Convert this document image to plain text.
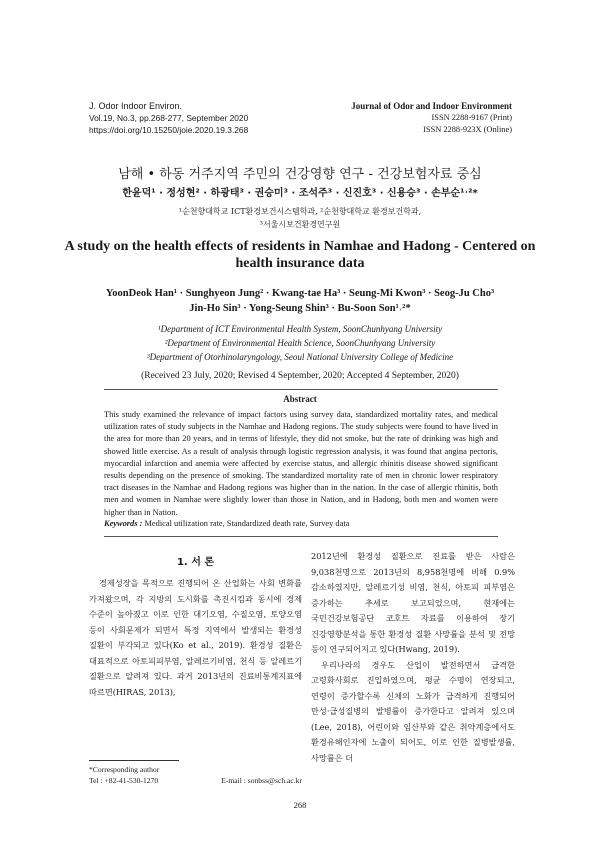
J. Odor Indoor Environ.
Vol.19, No.3, pp.268-277, September 2020
https://doi.org/10.15250/joie.2020.19.3.268
Journal of Odor and Indoor Environment
ISSN 2288-9167 (Print)
ISSN 2288-923X (Online)
남해 • 하동 거주지역 주민의 건강영향 연구 - 건강보험자료 중심
한윤덕¹ · 정성현² · 하광태³ · 권승미³ · 조석주³ · 신진호³ · 신용승³ · 손부순¹˒²*
¹순천향대학교 ICT환경보건시스템학과, ²순천향대학교 환경보건학과,
³서울시보건환경연구원
A study on the health effects of residents in Namhae and Hadong - Centered on health insurance data
YoonDeok Han¹ · Sunghyeon Jung² · Kwang-tae Ha³ · Seung-Mi Kwon³ · Seog-Ju Cho³
Jin-Ho Sin³ · Yong-Seung Shin³ · Bu-Soon Son¹˒²*
¹Department of ICT Environmental Health System, SoonChunhyang University
²Department of Environmental Health Science, SoonChunhyang University
³Department of Otorhinolaryngology, Seoul National University College of Medicine
(Received 23 July, 2020; Revised 4 September, 2020; Accepted 4 September, 2020)
Abstract
This study examined the relevance of impact factors using survey data, standardized mortality rates, and medical utilization rates of study subjects in the Namhae and Hadong regions. The study subjects were found to have lived in the area for more than 20 years, and in terms of lifestyle, they did not smoke, but the rate of drinking was high and showed little exercise. As a result of analysis through logistic regression analysis, it was found that angina pectoris, myocardial infarction and anemia were affected by exercise status, and allergic rhinitis disease showed significant results depending on the presence of smoking. The standardized mortality rate of men in chronic lower respiratory tract diseases in the Namhae and Hadong regions was higher than in the nation. In the case of allergic rhinitis, both men and women in Namhae were slightly lower than those in Nation, and in Hadong, both men and women were higher than in Nation.
Keywords : Medical utilization rate, Standardized death rate, Survey data
1. 서 론

경제성장을 목적으로 진행되어 온 산업화는 사회 변화를 가져왔으며, 각 지방의 도시화를 촉진시킴과 동시에 경제 수준이 높아졌고 이로 인한 대기오염, 수질오염, 토양오염 등이 사회문제가 되면서 특정 지역에서 발생되는 환경성 질환이 부각되고 있다(Ko et al., 2019). 환경성 질환은 대표적으로 아토피피부염, 알레르기비염, 천식 등 알레르기 질환으로 알려져 있다. 과거 2013년의 진료비통계지표에 따르면(HIRAS, 2013),

2012년에 환경성 질환으로 진료를 받은 사람은 9,038천명으로 2013년의 8,958천명에 비해 0.9% 감소하였지만, 알레르기성 비염, 천식, 아토피 피부염은 증가하는 추세로 보고되었으며, 현재에는 국민건강보험공단 코호트 자료를 이용하여 장기 건강영향분석을 통한 환경성 질환 사망률을 분석 및 전망 등이 연구되어지고 있다(Hwang, 2019).

우리나라의 경우도 산업이 발전하면서 급격한 고령화사회로 진입하였으며, 평균 수명이 연장되고, 연령이 증가할수록 신체의 노화가 급격하게 진행되어 만성·급성질병의 발병률이 증가한다고 알려져 있으며(Lee, 2018), 어린이와 임산부와 같은 취약계층에서도 환경유해인자에 노출이 되어도, 이로 인한 질병발생률, 사망률은 더

*Corresponding author
Tel : +82-41-530-1270	E-mail : sonbss@sch.ac.kr
268
